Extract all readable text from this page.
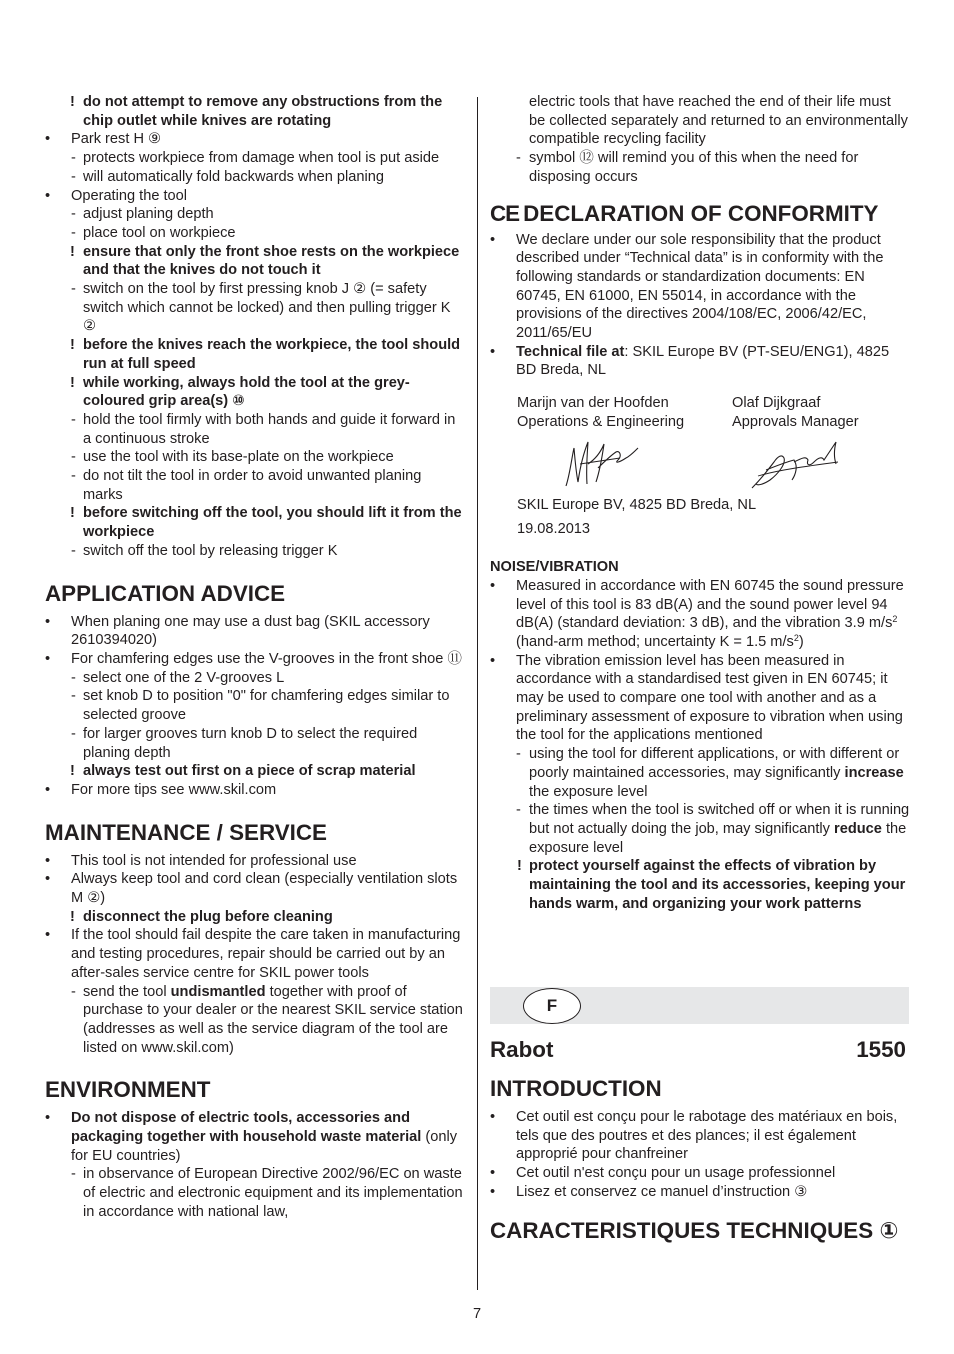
! do not attempt to remove any obstructions from the chip outlet while knives are rotating
• Park rest H ⑨
- protects workpiece from damage when tool is put aside
- will automatically fold backwards when planing
• Operating the tool
- adjust planing depth
- place tool on workpiece
! ensure that only the front shoe rests on the workpiece and that the knives do not touch it
- switch on the tool by first pressing knob J ② (= safety switch which cannot be locked) and then pulling trigger K ②
! before the knives reach the workpiece, the tool should run at full speed
! while working, always hold the tool at the grey-coloured grip area(s) ⑩
- hold the tool firmly with both hands and guide it forward in a continuous stroke
- use the tool with its base-plate on the workpiece
- do not tilt the tool in order to avoid unwanted planing marks
! before switching off the tool, you should lift it from the workpiece
- switch off the tool by releasing trigger K
APPLICATION ADVICE
• When planing one may use a dust bag (SKIL accessory 2610394020)
• For chamfering edges use the V-grooves in the front shoe ⑪
- select one of the 2 V-grooves L
- set knob D to position "0" for chamfering edges similar to selected groove
- for larger grooves turn knob D to select the required planing depth
! always test out first on a piece of scrap material
• For more tips see www.skil.com
MAINTENANCE / SERVICE
• This tool is not intended for professional use
• Always keep tool and cord clean (especially ventilation slots M ②)
! disconnect the plug before cleaning
• If the tool should fail despite the care taken in manufacturing and testing procedures, repair should be carried out by an after-sales service centre for SKIL power tools
- send the tool undismantled together with proof of purchase to your dealer or the nearest SKIL service station (addresses as well as the service diagram of the tool are listed on www.skil.com)
ENVIRONMENT
• Do not dispose of electric tools, accessories and packaging together with household waste material (only for EU countries)
- in observance of European Directive 2002/96/EC on waste of electric and electronic equipment and its implementation in accordance with national law,
electric tools that have reached the end of their life must be collected separately and returned to an environmentally compatible recycling facility
- symbol ⑫ will remind you of this when the need for disposing occurs
CE DECLARATION OF CONFORMITY
• We declare under our sole responsibility that the product described under “Technical data” is in conformity with the following standards or standardization documents: EN 60745, EN 61000, EN 55014, in accordance with the provisions of the directives 2004/108/EC, 2006/42/EC, 2011/65/EU
• Technical file at: SKIL Europe BV (PT-SEU/ENG1), 4825 BD Breda, NL
Marijn van der Hoofden
Operations & Engineering
Olaf Dijkgraaf
Approvals Manager
SKIL Europe BV, 4825 BD Breda, NL
19.08.2013
NOISE/VIBRATION
• Measured in accordance with EN 60745 the sound pressure level of this tool is 83 dB(A) and the sound power level 94 dB(A) (standard deviation: 3 dB), and the vibration 3.9 $m/s^2$ (hand-arm method; uncertainty K = 1.5 $m/s^2$)
• The vibration emission level has been measured in accordance with a standardised test given in EN 60745; it may be used to compare one tool with another and as a preliminary assessment of exposure to vibration when using the tool for the applications mentioned
- using the tool for different applications, or with different or poorly maintained accessories, may significantly increase the exposure level
- the times when the tool is switched off or when it is running but not actually doing the job, may significantly reduce the exposure level
! protect yourself against the effects of vibration by maintaining the tool and its accessories, keeping your hands warm, and organizing your work patterns
F
Rabot	1550
INTRODUCTION
• Cet outil est conçu pour le rabotage des matériaux en bois, tels que des poutres et des plances; il est également approprié pour chanfreiner
• Cet outil n'est conçu pour un usage professionnel
• Lisez et conservez ce manuel d’instruction ③
CARACTERISTIQUES TECHNIQUES ①
7
